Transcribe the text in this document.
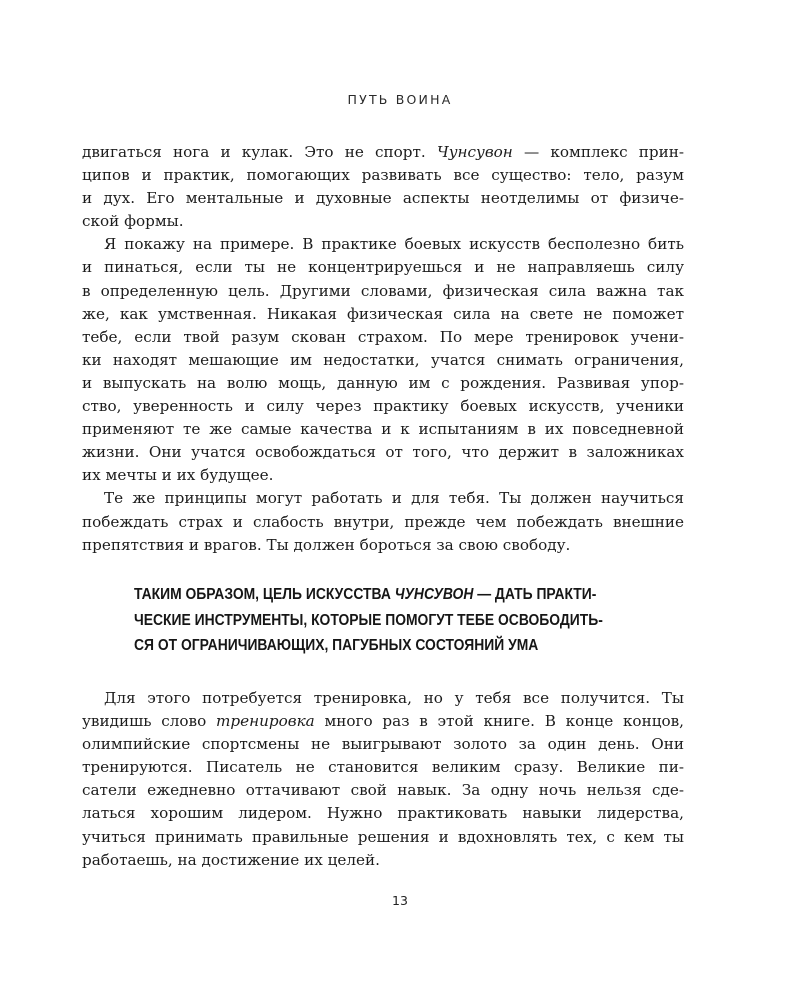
ПУТЬ ВОИНА
двигаться нога и кулак. Это не спорт. Чунсувон — комплекс прин-
ципов и практик, помогающих развивать все существо: тело, разум
и дух. Его ментальные и духовные аспекты неотделимы от физиче-
ской формы.
Я покажу на примере. В практике боевых искусств бесполезно бить
и пинаться, если ты не концентрируешься и не направляешь силу
в определенную цель. Другими словами, физическая сила важна так
же, как умственная. Никакая физическая сила на свете не поможет
тебе, если твой разум скован страхом. По мере тренировок учени-
ки находят мешающие им недостатки, учатся снимать ограничения,
и выпускать на волю мощь, данную им с рождения. Развивая упор-
ство, уверенность и силу через практику боевых искусств, ученики
применяют те же самые качества и к испытаниям в их повседневной
жизни. Они учатся освобождаться от того, что держит в заложниках
их мечты и их будущее.
Те же принципы могут работать и для тебя. Ты должен научиться
побеждать страх и слабость внутри, прежде чем побеждать внешние
препятствия и врагов. Ты должен бороться за свою свободу.
ТАКИМ ОБРАЗОМ, ЦЕЛЬ ИСКУССТВА ЧУНСУВОН — ДАТЬ ПРАКТИ-
ЧЕСКИЕ ИНСТРУМЕНТЫ, КОТОРЫЕ ПОМОГУТ ТЕБЕ ОСВОБОДИТЬ-
СЯ ОТ ОГРАНИЧИВАЮЩИХ, ПАГУБНЫХ СОСТОЯНИЙ УМА
Для этого потребуется тренировка, но у тебя все получится. Ты
увидишь слово тренировка много раз в этой книге. В конце концов,
олимпийские спортсмены не выигрывают золото за один день. Они
тренируются. Писатель не становится великим сразу. Великие пи-
сатели ежедневно оттачивают свой навык. За одну ночь нельзя сде-
латься хорошим лидером. Нужно практиковать навыки лидерства,
учиться принимать правильные решения и вдохновлять тех, с кем ты
работаешь, на достижение их целей.
13
